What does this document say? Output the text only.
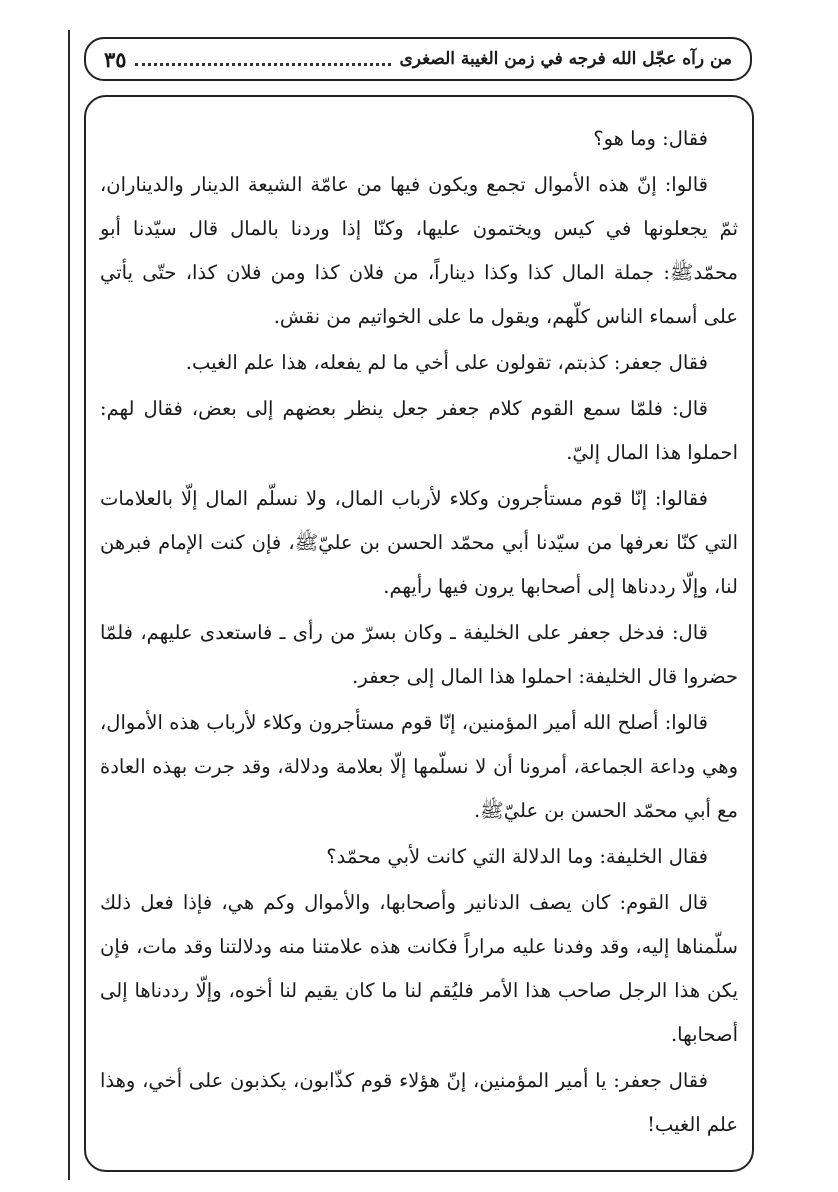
من رآه عجّل الله فرجه في زمن الغيبة الصغرى
٣٥

فقال: وما هو؟

قالوا: إنّ هذه الأموال تجمع ويكون فيها من عامّة الشيعة الدينار والديناران، ثمّ يجعلونها في كيس ويختمون عليها، وكنّا إذا وردنا بالمال قال سيّدنا أبو محمّدﷺ: جملة المال كذا وكذا ديناراً، من فلان كذا ومن فلان كذا، حتّى يأتي على أسماء الناس كلّهم، ويقول ما على الخواتيم من نقش.

فقال جعفر: كذبتم، تقولون على أخي ما لم يفعله، هذا علم الغيب.

قال: فلمّا سمع القوم كلام جعفر جعل ينظر بعضهم إلى بعض، فقال لهم: احملوا هذا المال إليّ.

فقالوا: إنّا قوم مستأجرون وكلاء لأرباب المال، ولا نسلّم المال إلّا بالعلامات التي كنّا نعرفها من سيّدنا أبي محمّد الحسن بن عليّﷺ، فإن كنت الإمام فبرهن لنا، وإلّا رددناها إلى أصحابها يرون فيها رأيهم.

قال: فدخل جعفر على الخليفة ـ وكان بسرّ من رأى ـ فاستعدى عليهم، فلمّا حضروا قال الخليفة: احملوا هذا المال إلى جعفر.

قالوا: أصلح الله أمير المؤمنين، إنّا قوم مستأجرون وكلاء لأرباب هذه الأموال، وهي وداعة الجماعة، أمرونا أن لا نسلّمها إلّا بعلامة ودلالة، وقد جرت بهذه العادة مع أبي محمّد الحسن بن عليّﷺ.

فقال الخليفة: وما الدلالة التي كانت لأبي محمّد؟

قال القوم: كان يصف الدنانير وأصحابها، والأموال وكم هي، فإذا فعل ذلك سلّمناها إليه، وقد وفدنا عليه مراراً فكانت هذه علامتنا منه ودلالتنا وقد مات، فإن يكن هذا الرجل صاحب هذا الأمر فليُقم لنا ما كان يقيم لنا أخوه، وإلّا رددناها إلى أصحابها.

فقال جعفر: يا أمير المؤمنين، إنّ هؤلاء قوم كذّابون، يكذبون على أخي، وهذا علم الغيب!
